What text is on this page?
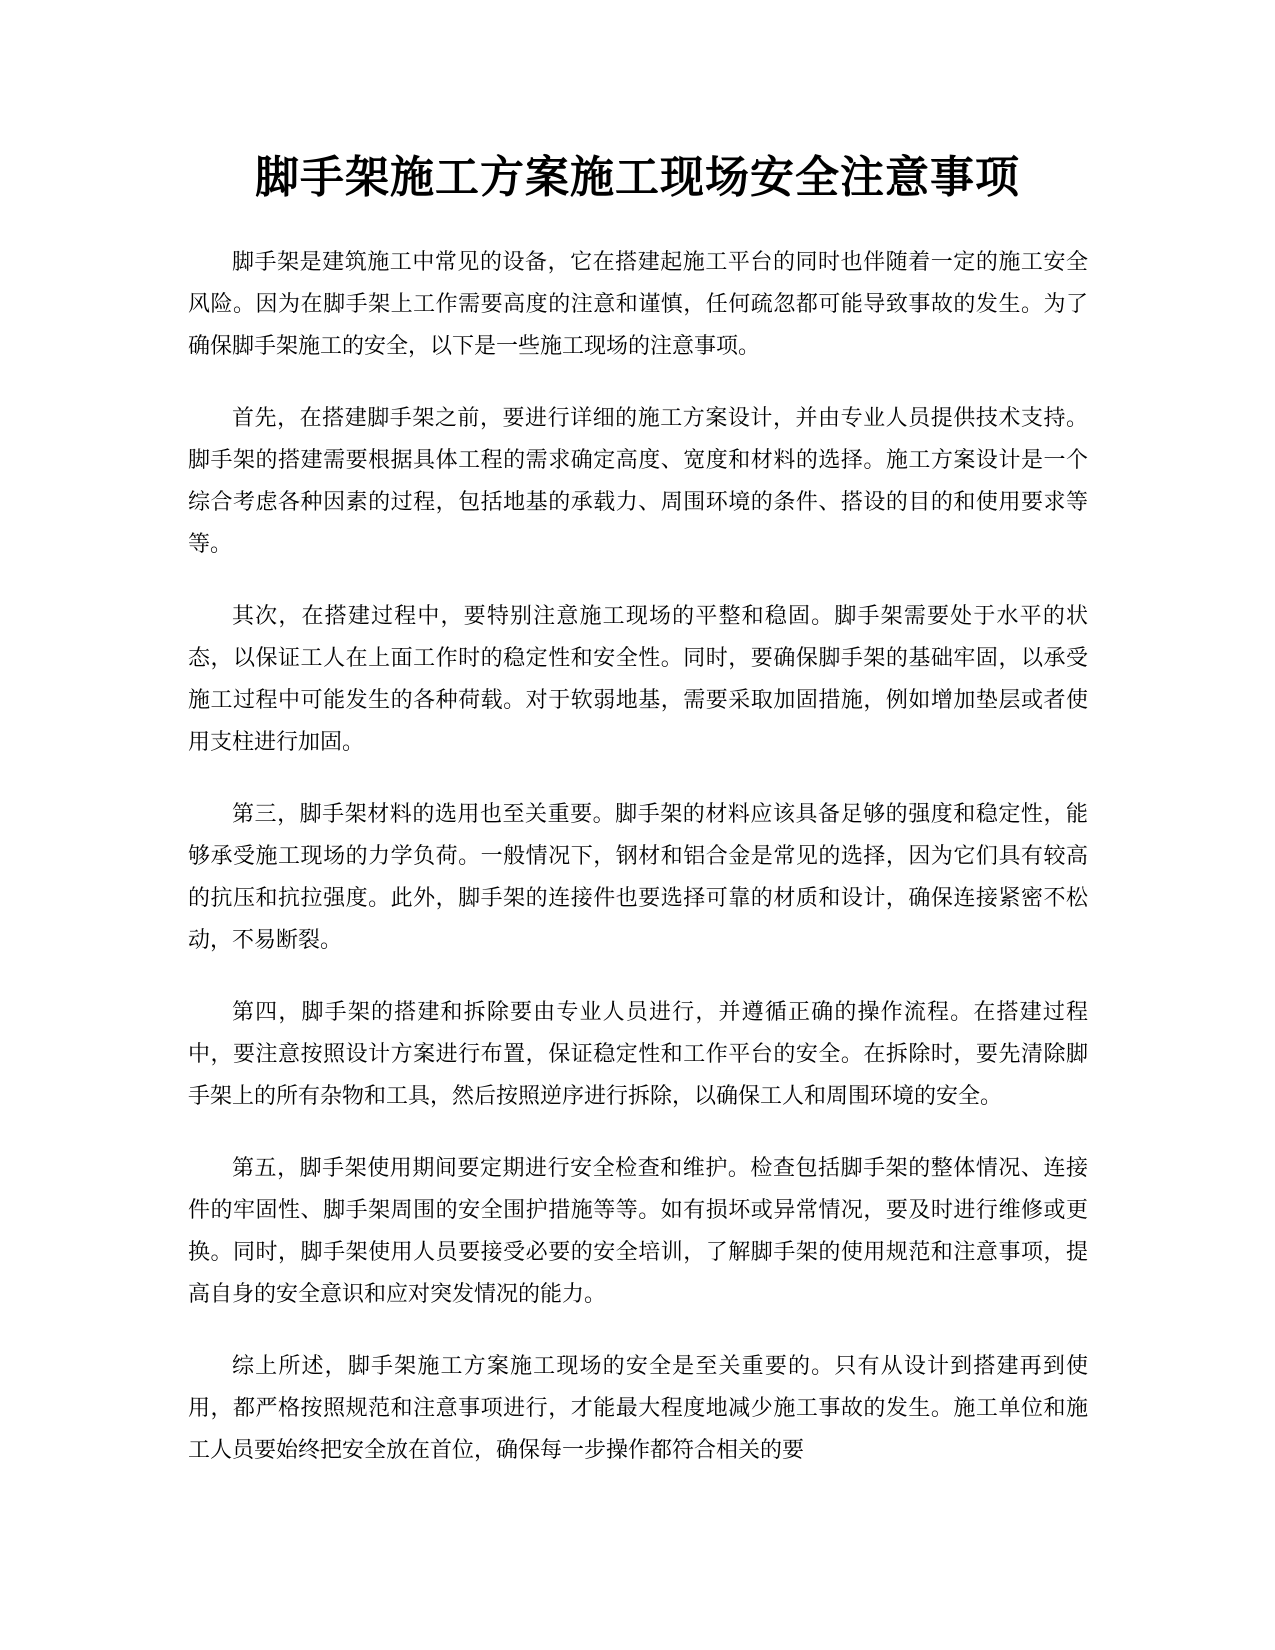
脚手架施工方案施工现场安全注意事项

脚手架是建筑施工中常见的设备，它在搭建起施工平台的同时也伴随着一定的施工安全风险。因为在脚手架上工作需要高度的注意和谨慎，任何疏忽都可能导致事故的发生。为了确保脚手架施工的安全，以下是一些施工现场的注意事项。

首先，在搭建脚手架之前，要进行详细的施工方案设计，并由专业人员提供技术支持。脚手架的搭建需要根据具体工程的需求确定高度、宽度和材料的选择。施工方案设计是一个综合考虑各种因素的过程，包括地基的承载力、周围环境的条件、搭设的目的和使用要求等等。

其次，在搭建过程中，要特别注意施工现场的平整和稳固。脚手架需要处于水平的状态，以保证工人在上面工作时的稳定性和安全性。同时，要确保脚手架的基础牢固，以承受施工过程中可能发生的各种荷载。对于软弱地基，需要采取加固措施，例如增加垫层或者使用支柱进行加固。

第三，脚手架材料的选用也至关重要。脚手架的材料应该具备足够的强度和稳定性，能够承受施工现场的力学负荷。一般情况下，钢材和铝合金是常见的选择，因为它们具有较高的抗压和抗拉强度。此外，脚手架的连接件也要选择可靠的材质和设计，确保连接紧密不松动，不易断裂。

第四，脚手架的搭建和拆除要由专业人员进行，并遵循正确的操作流程。在搭建过程中，要注意按照设计方案进行布置，保证稳定性和工作平台的安全。在拆除时，要先清除脚手架上的所有杂物和工具，然后按照逆序进行拆除，以确保工人和周围环境的安全。

第五，脚手架使用期间要定期进行安全检查和维护。检查包括脚手架的整体情况、连接件的牢固性、脚手架周围的安全围护措施等等。如有损坏或异常情况，要及时进行维修或更换。同时，脚手架使用人员要接受必要的安全培训，了解脚手架的使用规范和注意事项，提高自身的安全意识和应对突发情况的能力。

综上所述，脚手架施工方案施工现场的安全是至关重要的。只有从设计到搭建再到使用，都严格按照规范和注意事项进行，才能最大程度地减少施工事故的发生。施工单位和施工人员要始终把安全放在首位，确保每一步操作都符合相关的要
